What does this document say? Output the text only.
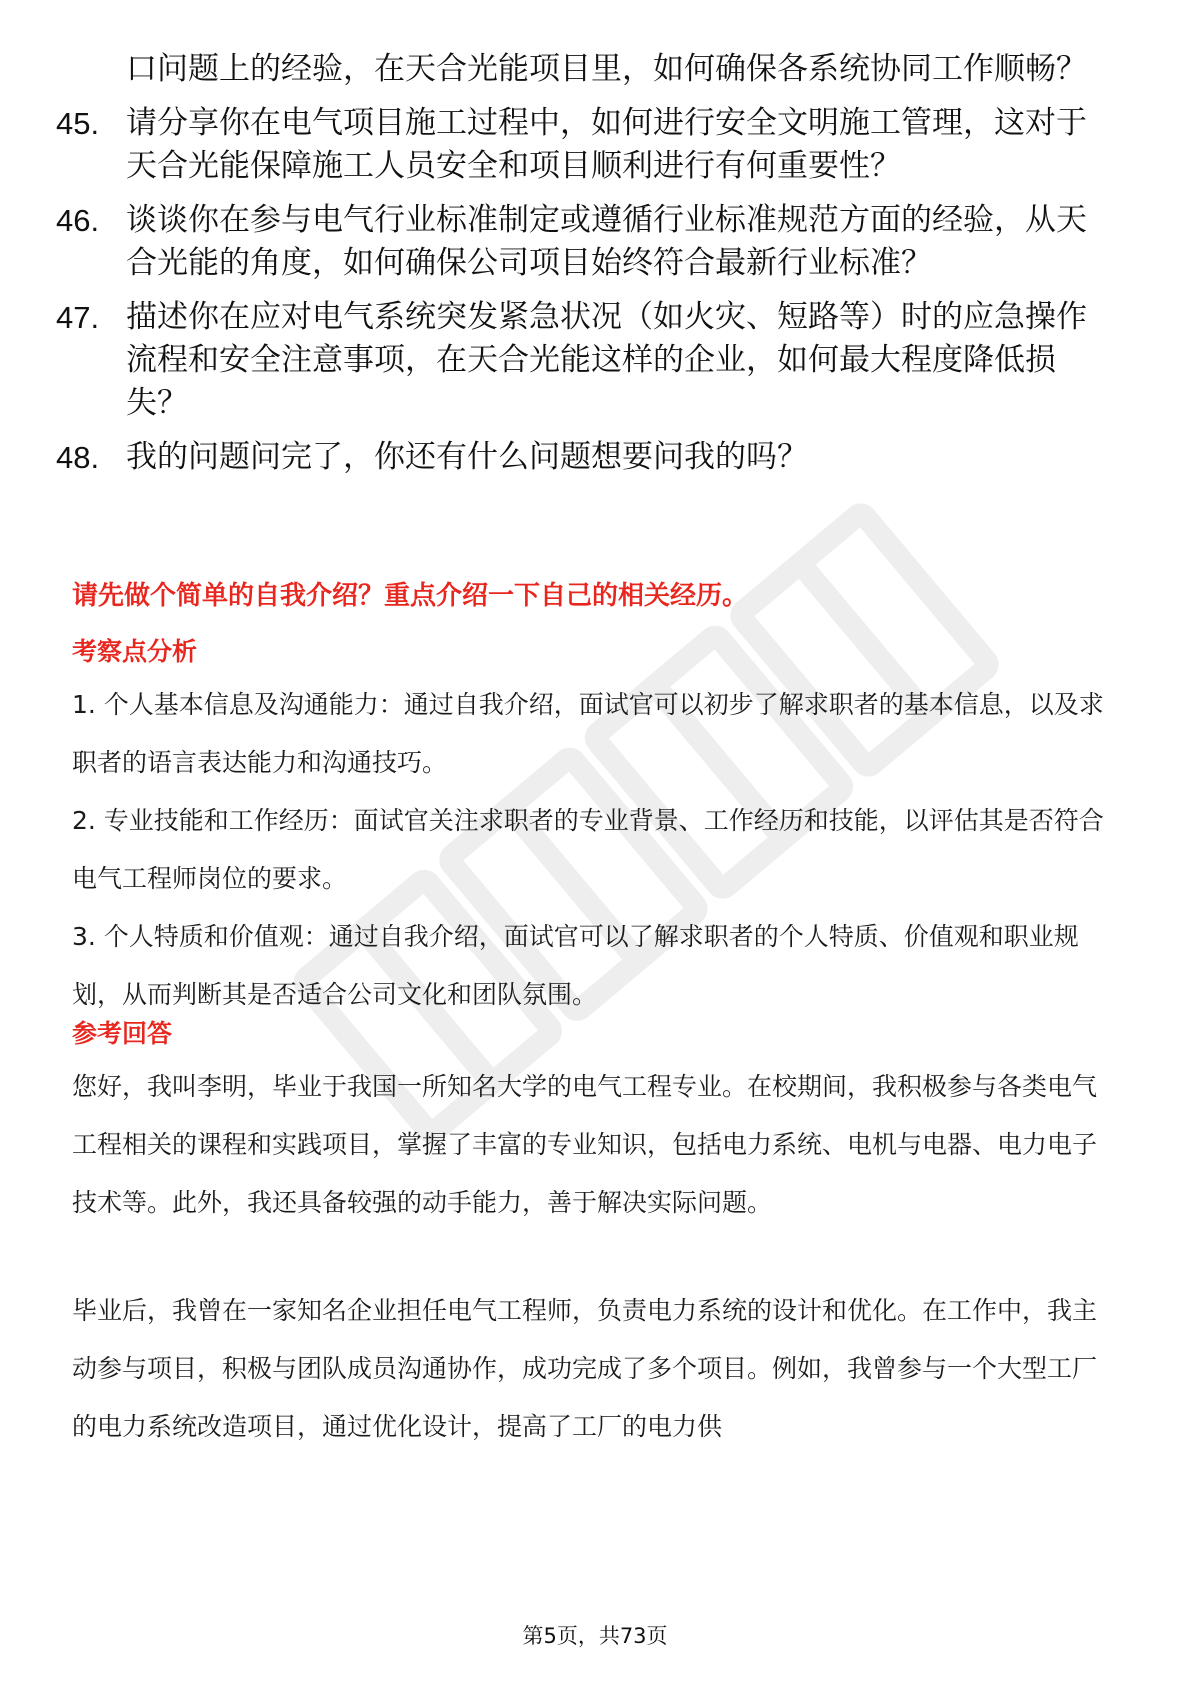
口问题上的经验，在天合光能项目里，如何确保各系统协同工作顺畅？
45. 请分享你在电气项目施工过程中，如何进行安全文明施工管理，这对于天合光能保障施工人员安全和项目顺利进行有何重要性？
46. 谈谈你在参与电气行业标准制定或遵循行业标准规范方面的经验，从天合光能的角度，如何确保公司项目始终符合最新行业标准？
47. 描述你在应对电气系统突发紧急状况（如火灾、短路等）时的应急操作流程和安全注意事项，在天合光能这样的企业，如何最大程度降低损失？
48. 我的问题问完了，你还有什么问题想要问我的吗？
请先做个简单的自我介绍？重点介绍一下自己的相关经历。
考察点分析

1. 个人基本信息及沟通能力：通过自我介绍，面试官可以初步了解求职者的基本信息，以及求职者的语言表达能力和沟通技巧。

2. 专业技能和工作经历：面试官关注求职者的专业背景、工作经历和技能，以评估其是否符合电气工程师岗位的要求。

3. 个人特质和价值观：通过自我介绍，面试官可以了解求职者的个人特质、价值观和职业规划，从而判断其是否适合公司文化和团队氛围。

参考回答

您好，我叫李明，毕业于我国一所知名大学的电气工程专业。在校期间，我积极参与各类电气工程相关的课程和实践项目，掌握了丰富的专业知识，包括电力系统、电机与电器、电力电子技术等。此外，我还具备较强的动手能力，善于解决实际问题。

毕业后，我曾在一家知名企业担任电气工程师，负责电力系统的设计和优化。在工作中，我主动参与项目，积极与团队成员沟通协作，成功完成了多个项目。例如，我曾参与一个大型工厂的电力系统改造项目，通过优化设计，提高了工厂的电力供

第5页，共73页
